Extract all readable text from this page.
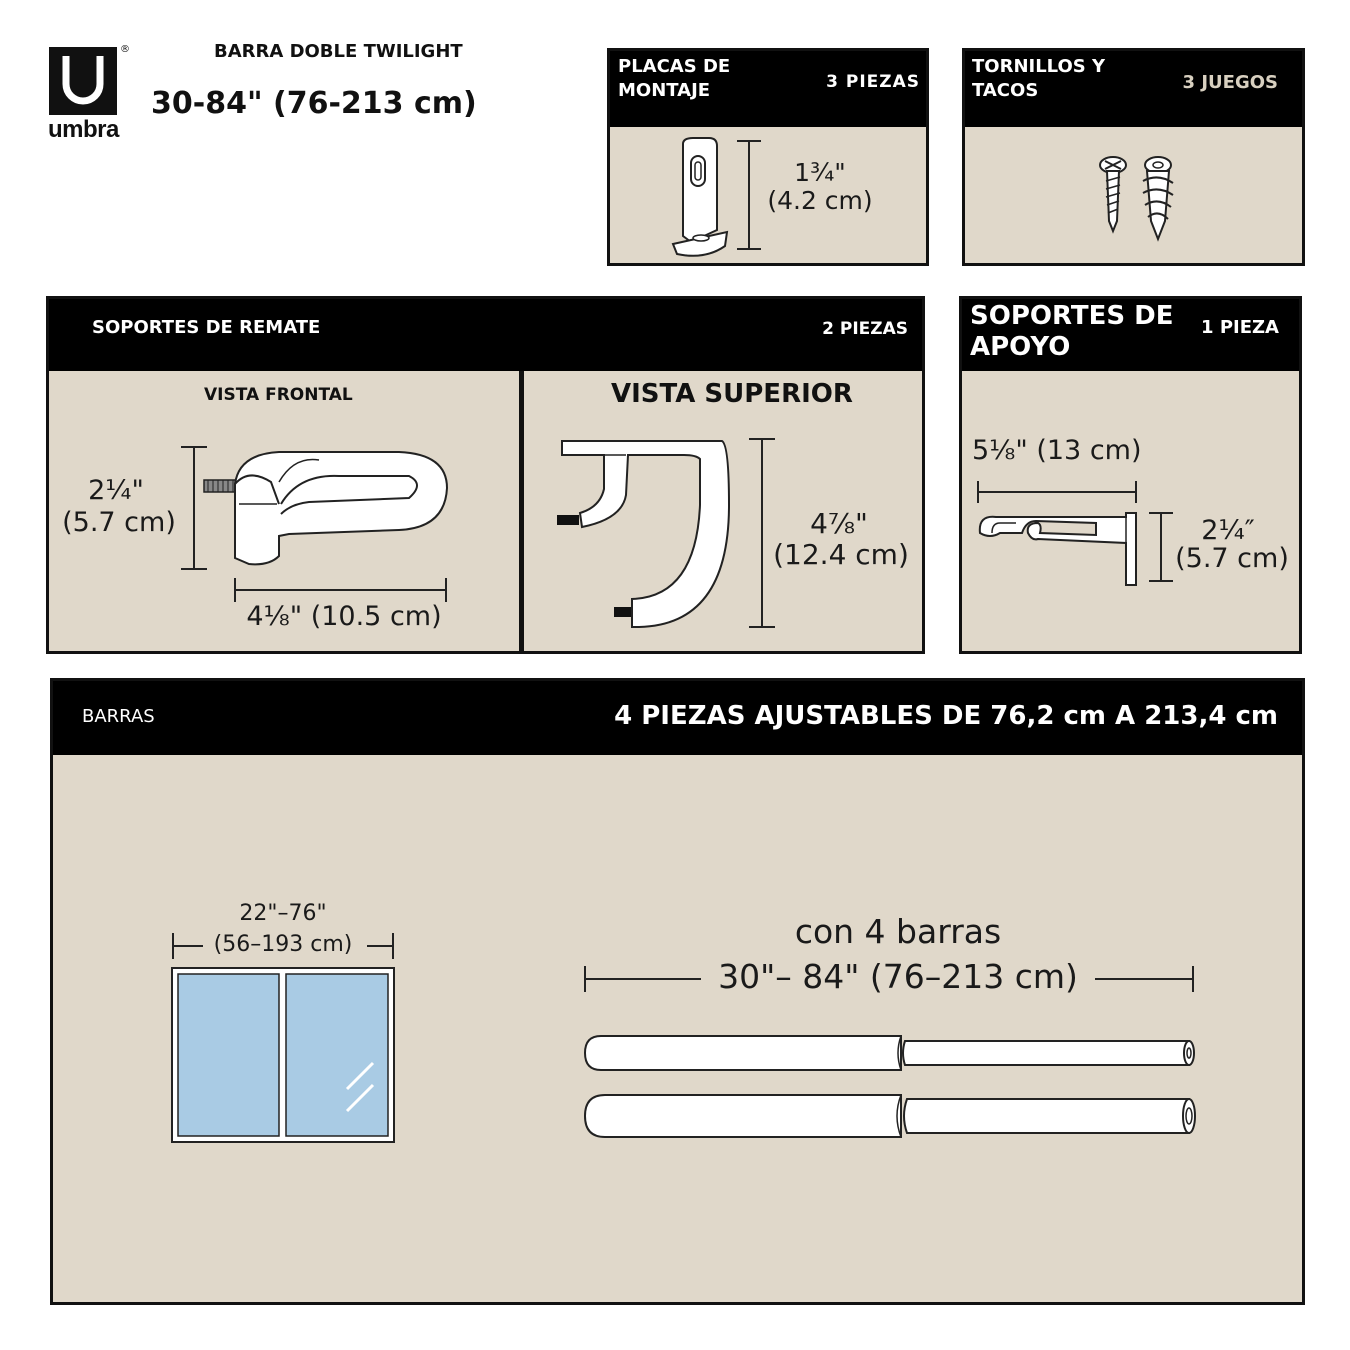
®
umbra
BARRA DOBLE TWILIGHT
30-84" (76-213 cm)
PLACAS DE
MONTAJE	3 PIEZAS
1¾"
(4.2 cm)
TORNILLOS Y
TACOS	3 JUEGOS
SOPORTES DE REMATE	2 PIEZAS
VISTA FRONTAL
2¼"
(5.7 cm)
4⅛" (10.5 cm)
VISTA SUPERIOR
4⅞"
(12.4 cm)
SOPORTES DE
APOYO
1 PIEZA
5⅛" (13 cm)
2¼″
(5.7 cm)
BARRAS	4 PIEZAS AJUSTABLES DE 76,2 cm A 213,4 cm
22"–76"
(56–193 cm)	con 4 barras
30"– 84" (76–213 cm)
